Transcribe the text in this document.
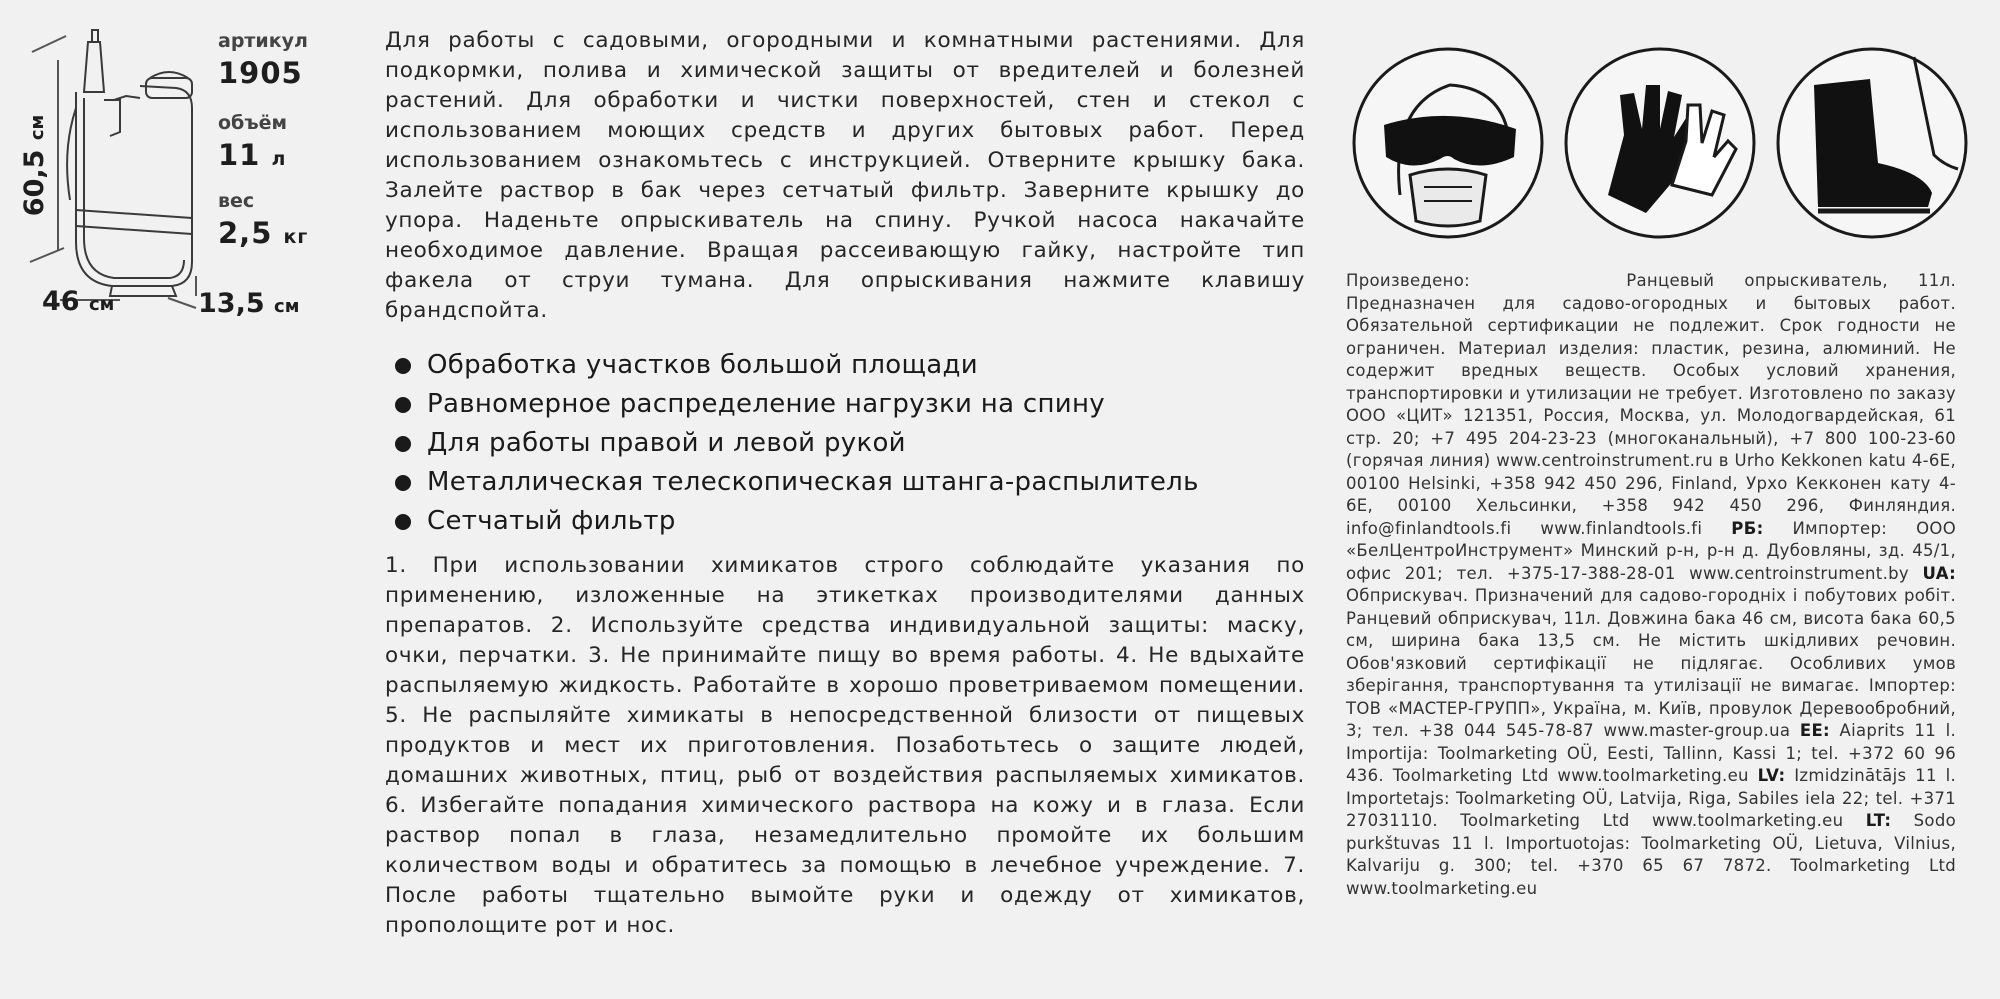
артикул
1905
объём
11 л
вес
2,5 кг
60,5 см
46 см	13,5 см

Для работы с садовыми, огородными и комнатными растениями. Для подкормки, полива и химической защиты от вредителей и болезней растений. Для обработки и чистки поверхностей, стен и стекол с использованием моющих средств и других бытовых работ. Перед использованием ознакомьтесь с инструкцией. Отверните крышку бака. Залейте раствор в бак через сетчатый фильтр. Заверните крышку до упора. Наденьте опрыскиватель на спину. Ручкой насоса накачайте необходимое давление. Вращая рассеивающую гайку, настройте тип факела от струи тумана. Для опрыскивания нажмите клавишу брандспойта.

Обработка участков большой площади
Равномерное распределение нагрузки на спину
Для работы правой и левой рукой
Металлическая телескопическая штанга-распылитель
Сетчатый фильтр

1. При использовании химикатов строго соблюдайте указания по применению, изложенные на этикетках производителями данных препаратов. 2. Используйте средства индивидуальной защиты: маску, очки, перчатки. 3. Не принимайте пищу во время работы. 4. Не вдыхайте распыляемую жидкость. Работайте в хорошо проветриваемом помещении. 5. Не распыляйте химикаты в непосредственной близости от пищевых продуктов и мест их приготовления. Позаботьтесь о защите людей, домашних животных, птиц, рыб от воздействия распыляемых химикатов. 6. Избегайте попадания химического раствора на кожу и в глаза. Если раствор попал в глаза, незамедлительно промойте их большим количеством воды и обратитесь за помощью в лечебное учреждение. 7. После работы тщательно вымойте руки и одежду от химикатов, прополощите рот и нос.

Произведено:	Ранцевый опрыскиватель, 11л. Предназначен для садово-огородных и бытовых работ. Обязательной сертификации не подлежит. Срок годности не ограничен. Материал изделия: пластик, резина, алюминий. Не содержит вредных веществ. Особых условий хранения, транспортировки и утилизации не требует. Изготовлено по заказу ООО «ЦИТ» 121351, Россия, Москва, ул. Молодогвардейская, 61 стр. 20; +7 495 204-23-23 (многоканальный), +7 800 100-23-60 (горячая линия) www.centroinstrument.ru в Urho Kekkonen katu 4-6E, 00100 Helsinki, +358 942 450 296, Finland, Урхо Кекконен кату 4-6Е, 00100 Хельсинки, +358 942 450 296, Финляндия. info@finlandtools.fi www.finlandtools.fi РБ: Импортер: ООО «БелЦентроИнструмент» Минский р-н, р-н д. Дубовляны, зд. 45/1, офис 201; тел. +375-17-388-28-01 www.centroinstrument.by UA: Обприскувач. Призначений для садово-городніх і побутових робіт. Ранцевий обприскувач, 11л. Довжина бака 46 см, висота бака 60,5 см, ширина бака 13,5 см. Не містить шкідливих речовин. Обов'язковий сертифікації не підлягає. Особливих умов зберігання, транспортування та утилізації не вимагає. Імпортер: ТОВ «МАСТЕР-ГРУПП», Україна, м. Київ, провулок Деревообробний, 3; тел. +38 044 545-78-87 www.master-group.ua EE: Aiaprits 11 l. Importija: Toolmarketing OÜ, Eesti, Tallinn, Kassi 1; tel. +372 60 96 436. Toolmarketing Ltd www.toolmarketing.eu LV: Izmidzinātājs 11 l. Importetajs: Toolmarketing OÜ, Latvija, Riga, Sabiles iela 22; tel. +371 27031110. Toolmarketing Ltd www.toolmarketing.eu LT: Sodo purkštuvas 11 l. Importuotojas: Toolmarketing OÜ, Lietuva, Vilnius, Kalvariju g. 300; tel. +370 65 67 7872. Toolmarketing Ltd www.toolmarketing.eu
